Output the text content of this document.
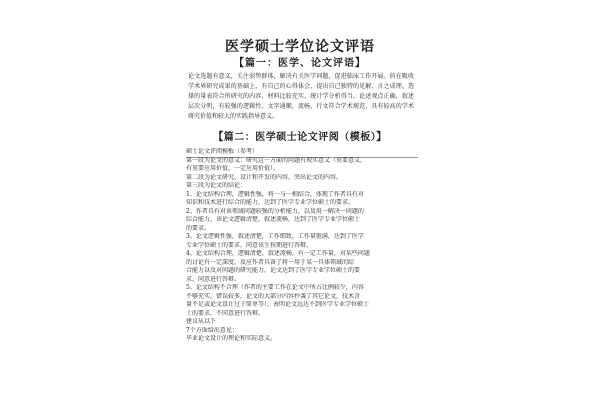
医学硕士学位论文评语
【篇一：医学、论文评语】
论文选题有意义，关注弱势群体，解决有关医学问题，促进临床工作开展。的在吸收学术界研究成果的基础上，有自己的心得体会，提出自己独特的见解，言之成理。选择的量表符合所研究的内容，材料比较充实，统计学分析得当，论述观点正确，叙述层次分明，有较强的逻辑性。文字通顺，流畅，行文符合学术规范，具有较高的学术研究价值和较大的实践指导意义。
【篇二：医学硕士论文评阅（模板）】
硕士论文评阅模板（参考）
第一段为论文的意义：研究这一方面的问题有现实意义（重要意义，
有重要应用价值，一定应用价值）。
第二段为论文研究，设计和开发的内容，突出论文的内容。
第三段为论文的结论：
1、论文结构合理，逻辑性强，将一与一相结合，体现了作者具有对
知识和技术进行综合的能力，达到了医学专业学位硕士的要求。
2、作者具有对该领域问题较强的分析能力，以及用一解决一问题的
综合能力，该论文逻辑清楚，叙述流畅，达到了医学专业学位硕士
的要求。
3、论文逻辑性强，叙述清楚，工作细致，工作量饱满，达到了医学
专业学位硕士的要求，同意该生按期进行答辩。
4、论文结构合理，逻辑清楚，叙述流畅，有一定工作量，对某些问题
的讨论有一定深度，反应作者具备了将一用于某一具体领域的综
合能力以及对问题的研究能力，论文达到了医学专业学位硕士的要
求，同意进行答辩。
5、论文结构不合理（作者的主要工作在论文中所占比例较少，内容
不够充实，错误较多，论文的大部分内容抄袭了其它论文，技术含
量不足或论文设计过于简单等），表明论文远达不到医学专业学位硕士
士的要求，不同意进行答辩。
建议从以下
7个方面给出意见：
毕业论文设计的理论和实际意义。
